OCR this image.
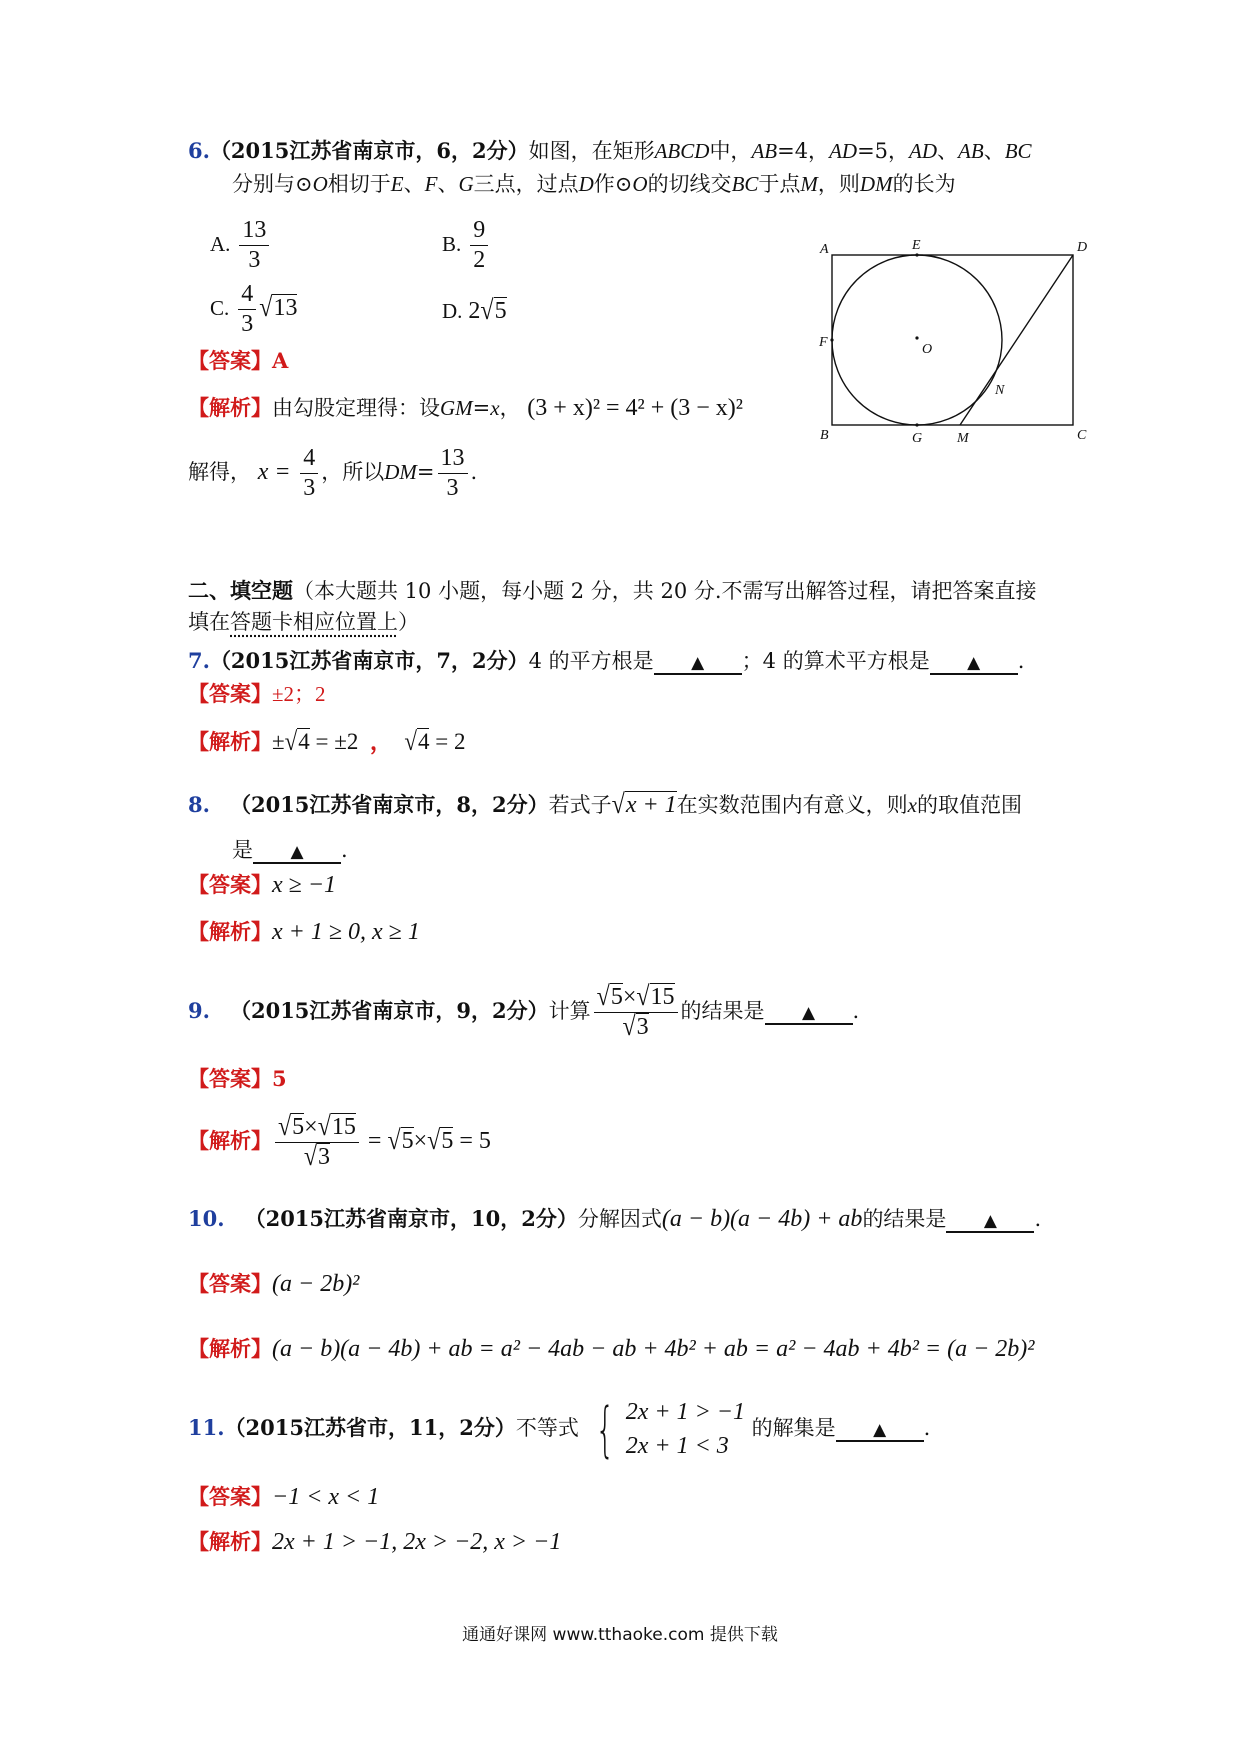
6.（2015江苏省南京市，6，2分）如图，在矩形ABCD中，AB=4，AD=5，AD、AB、BC
分别与⊙O相切于E、F、G三点，过点D作⊙O的切线交BC于点M，则DM的长为
A. $\frac{13}{3}$	B. $\frac{9}{2}$
C. $\frac{4}{3} √13$	D. 2√5
【答案】A
【解析】由勾股定理得：设GM=x， (3 + x)² = 4² + (3 − x)²
解得， $x = \frac{4}{3}$ ，所以$DM= \frac{13}{3}$ .
A	E	D
F	O
N
B	G M	C
二、填空题（本大题共 10 小题，每小题 2 分，共 20 分.不需写出解答过程，请把答案直接
填在答题卡相应位置上）
7.（2015江苏省南京市，7，2分）4 的平方根是 ▲ ；4 的算术平方根是 ▲ .
【答案】±2；2
【解析】±√4 = ±2 ， √4 = 2
8. （2015江苏省南京市，8，2分）若式子√x + 1在实数范围内有意义，则x的取值范围
是 ▲ .
【答案】x ≥ −1
【解析】x + 1 ≥ 0, x ≥ 1
9. （2015江苏省南京市，9，2分）计算 $\frac{√5\times√15}{√3}$ 的结果是 ▲ .
【答案】5
【解析】 $\frac{√5\times√15}{√3} = √5\times√5 = 5$
10. （2015江苏省南京市，10，2分）分解因式(a − b)(a − 4b) + ab的结果是 ▲ .
【答案】(a − 2b)²
【解析】(a − b)(a − 4b) + ab = a² − 4ab − ab + 4b² + ab = a² − 4ab + 4b² = (a − 2b)²
11.（2015江苏省市，11，2分）不等式 { 2x + 1 > −1
2x + 1 < 3
的解集是 ▲ .
【答案】−1 < x < 1
【解析】2x + 1 > −1, 2x > −2, x > −1
通通好课网 www.tthaoke.com 提供下载
